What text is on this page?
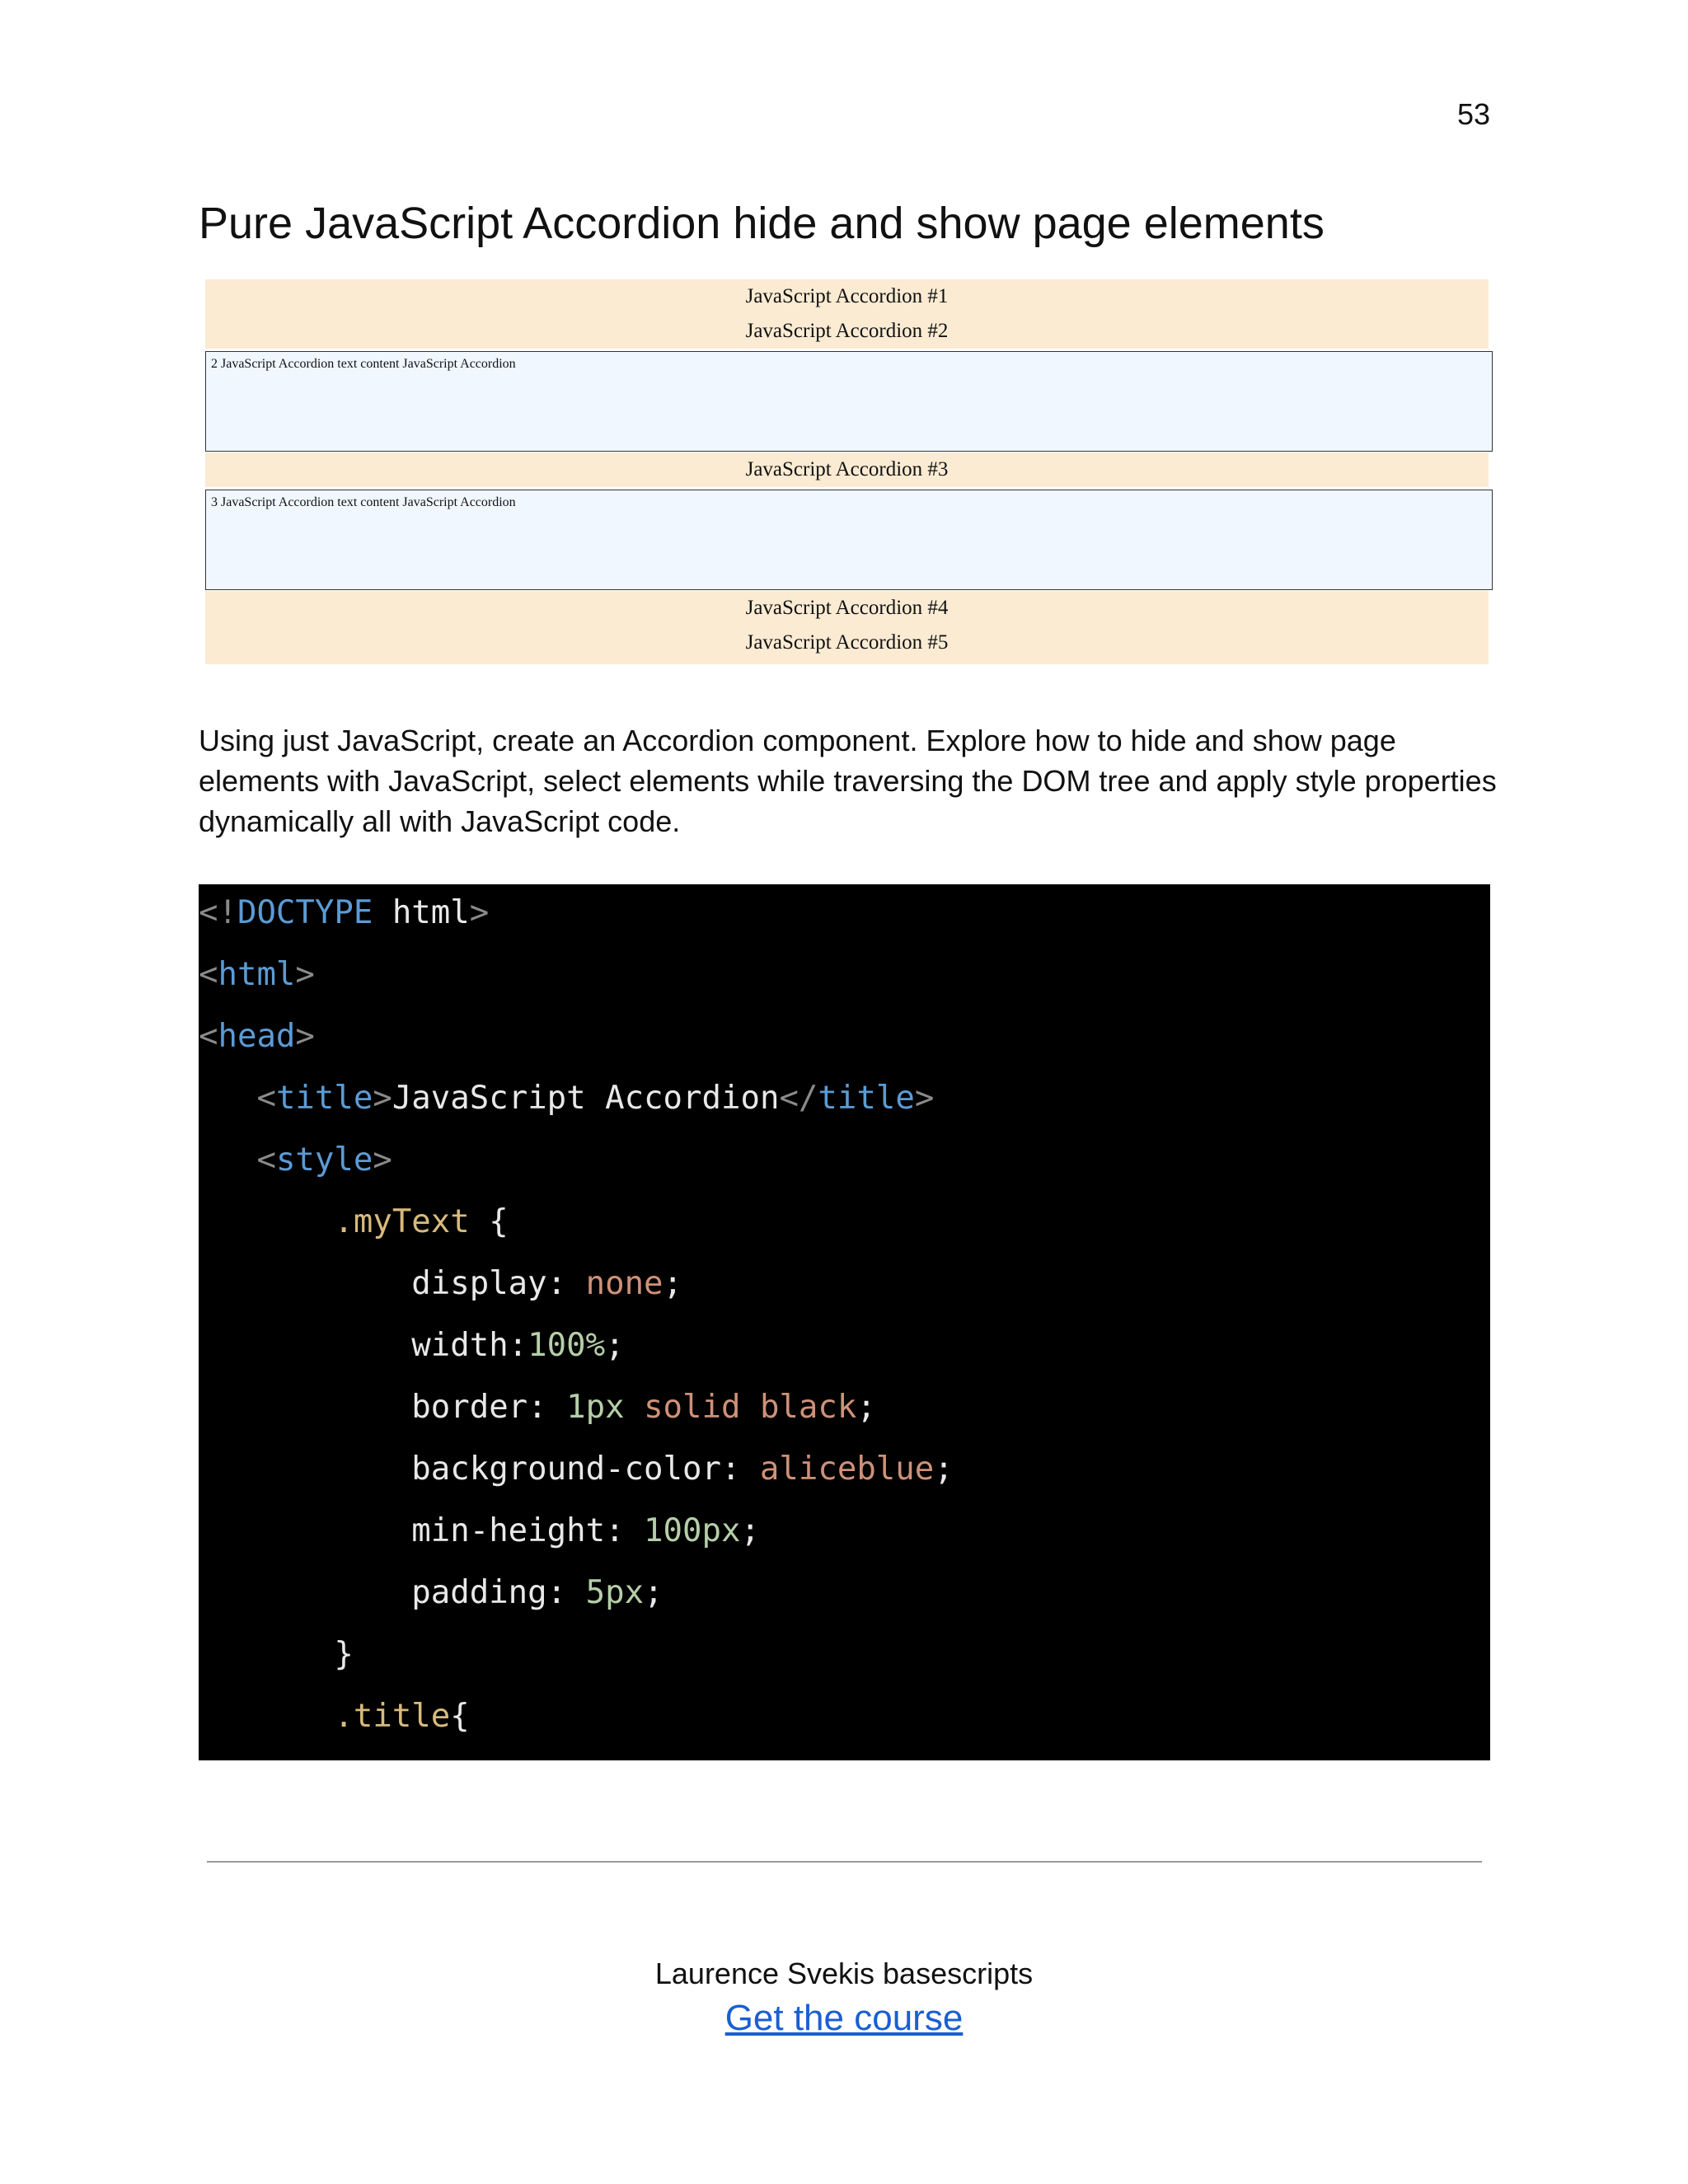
53
Pure JavaScript Accordion hide and show page elements
JavaScript Accordion #1
JavaScript Accordion #2
2 JavaScript Accordion text content JavaScript Accordion
JavaScript Accordion #3
3 JavaScript Accordion text content JavaScript Accordion
JavaScript Accordion #4
JavaScript Accordion #5

Using just JavaScript, create an Accordion component. Explore how to hide and show page elements with JavaScript, select elements while traversing the DOM tree and apply style properties dynamically all with JavaScript code.

<!DOCTYPE html>
<html>
<head>
<title>JavaScript Accordion</title>
<style>
.myText {
display: none;
width:100%;
border: 1px solid black;
background-color: aliceblue;
min-height: 100px;
padding: 5px;
}
.title{
Laurence Svekis basescripts
Get the course
